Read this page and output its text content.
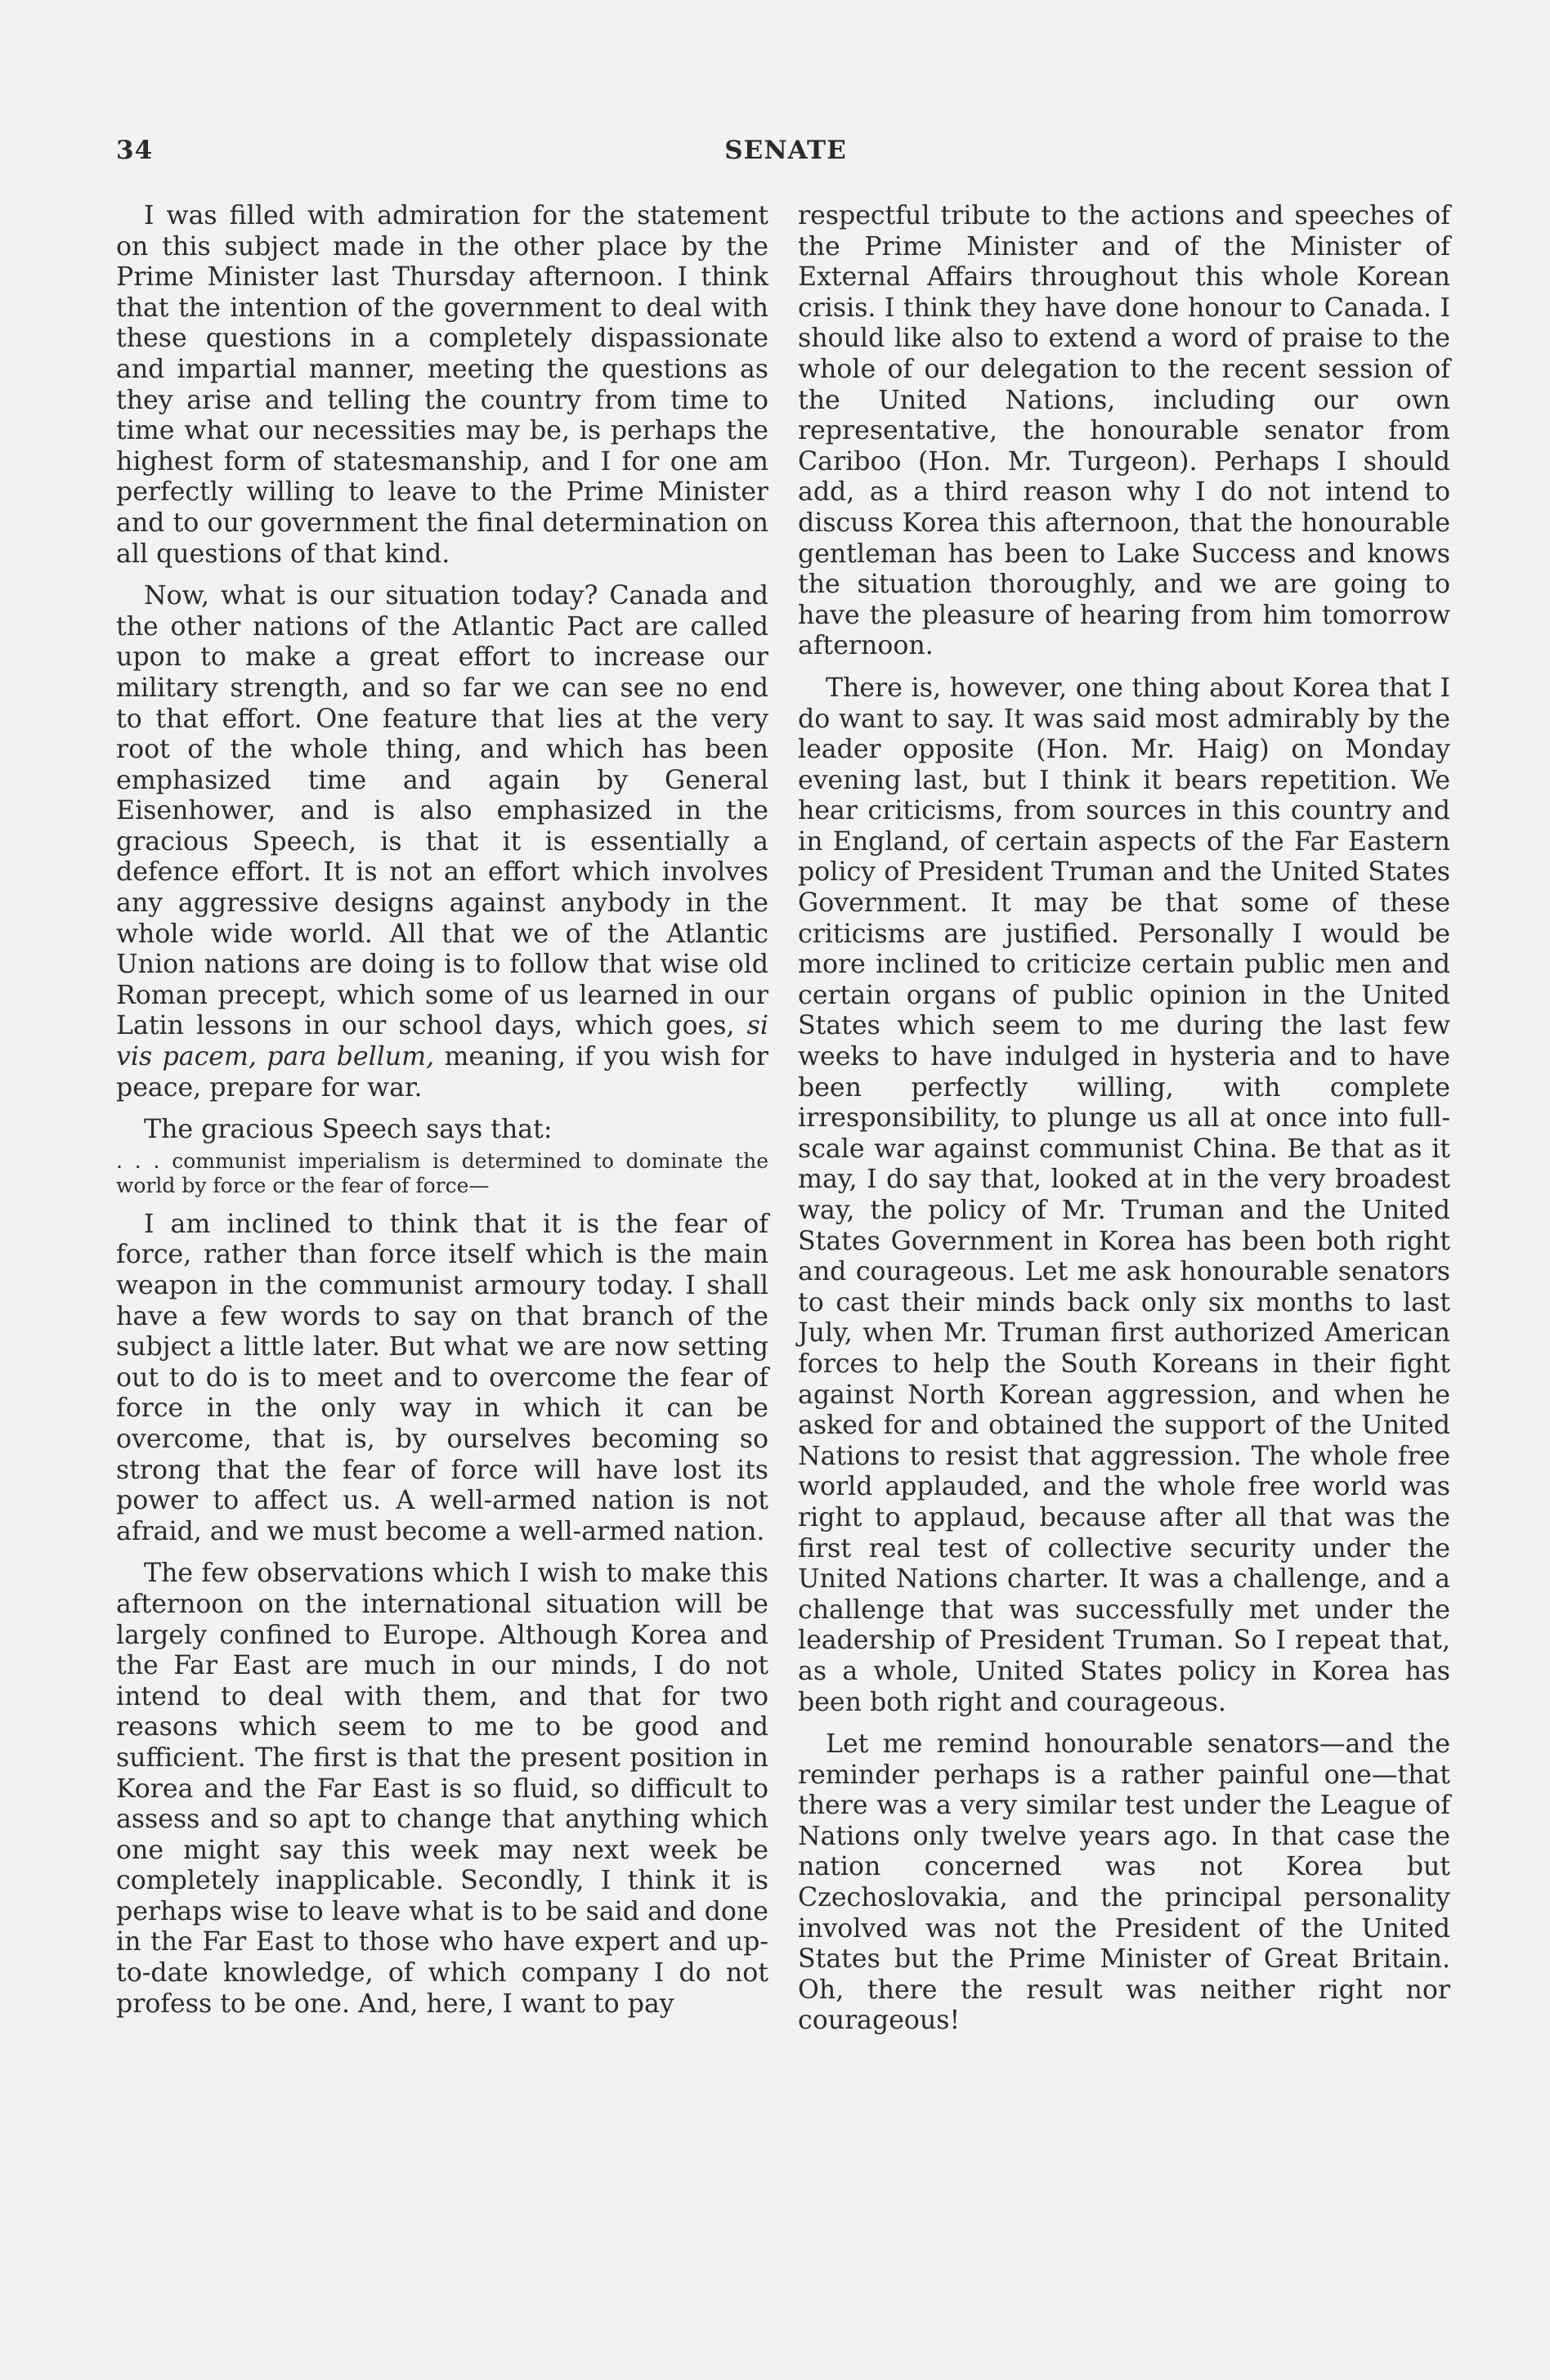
34	SENATE

I was filled with admiration for the statement on this subject made in the other place by the Prime Minister last Thursday afternoon. I think that the intention of the government to deal with these questions in a completely dispassionate and impartial manner, meeting the questions as they arise and telling the country from time to time what our necessities may be, is perhaps the highest form of statesmanship, and I for one am perfectly willing to leave to the Prime Minister and to our government the final determination on all questions of that kind.

Now, what is our situation today? Canada and the other nations of the Atlantic Pact are called upon to make a great effort to increase our military strength, and so far we can see no end to that effort. One feature that lies at the very root of the whole thing, and which has been emphasized time and again by General Eisenhower, and is also emphasized in the gracious Speech, is that it is essentially a defence effort. It is not an effort which involves any aggressive designs against anybody in the whole wide world. All that we of the Atlantic Union nations are doing is to follow that wise old Roman precept, which some of us learned in our Latin lessons in our school days, which goes, si vis pacem, para bellum, meaning, if you wish for peace, prepare for war.

The gracious Speech says that:

. . . communist imperialism is determined to dominate the world by force or the fear of force—

I am inclined to think that it is the fear of force, rather than force itself which is the main weapon in the communist armoury today. I shall have a few words to say on that branch of the subject a little later. But what we are now setting out to do is to meet and to overcome the fear of force in the only way in which it can be overcome, that is, by ourselves becoming so strong that the fear of force will have lost its power to affect us. A well-armed nation is not afraid, and we must become a well-armed nation.

The few observations which I wish to make this afternoon on the international situation will be largely confined to Europe. Although Korea and the Far East are much in our minds, I do not intend to deal with them, and that for two reasons which seem to me to be good and sufficient. The first is that the present position in Korea and the Far East is so fluid, so difficult to assess and so apt to change that anything which one might say this week may next week be completely inapplicable. Secondly, I think it is perhaps wise to leave what is to be said and done in the Far East to those who have expert and up-to-date knowledge, of which company I do not profess to be one. And, here, I want to pay

respectful tribute to the actions and speeches of the Prime Minister and of the Minister of External Affairs throughout this whole Korean crisis. I think they have done honour to Canada. I should like also to extend a word of praise to the whole of our delegation to the recent session of the United Nations, including our own representative, the honourable senator from Cariboo (Hon. Mr. Turgeon). Perhaps I should add, as a third reason why I do not intend to discuss Korea this afternoon, that the honourable gentleman has been to Lake Success and knows the situation thoroughly, and we are going to have the pleasure of hearing from him tomorrow afternoon.

There is, however, one thing about Korea that I do want to say. It was said most admirably by the leader opposite (Hon. Mr. Haig) on Monday evening last, but I think it bears repetition. We hear criticisms, from sources in this country and in England, of certain aspects of the Far Eastern policy of President Truman and the United States Government. It may be that some of these criticisms are justified. Personally I would be more inclined to criticize certain public men and certain organs of public opinion in the United States which seem to me during the last few weeks to have indulged in hysteria and to have been perfectly willing, with complete irresponsibility, to plunge us all at once into full-scale war against communist China. Be that as it may, I do say that, looked at in the very broadest way, the policy of Mr. Truman and the United States Government in Korea has been both right and courageous. Let me ask honourable senators to cast their minds back only six months to last July, when Mr. Truman first authorized American forces to help the South Koreans in their fight against North Korean aggression, and when he asked for and obtained the support of the United Nations to resist that aggression. The whole free world applauded, and the whole free world was right to applaud, because after all that was the first real test of collective security under the United Nations charter. It was a challenge, and a challenge that was successfully met under the leadership of President Truman. So I repeat that, as a whole, United States policy in Korea has been both right and courageous.

Let me remind honourable senators—and the reminder perhaps is a rather painful one—that there was a very similar test under the League of Nations only twelve years ago. In that case the nation concerned was not Korea but Czechoslovakia, and the principal personality involved was not the President of the United States but the Prime Minister of Great Britain. Oh, there the result was neither right nor courageous!
